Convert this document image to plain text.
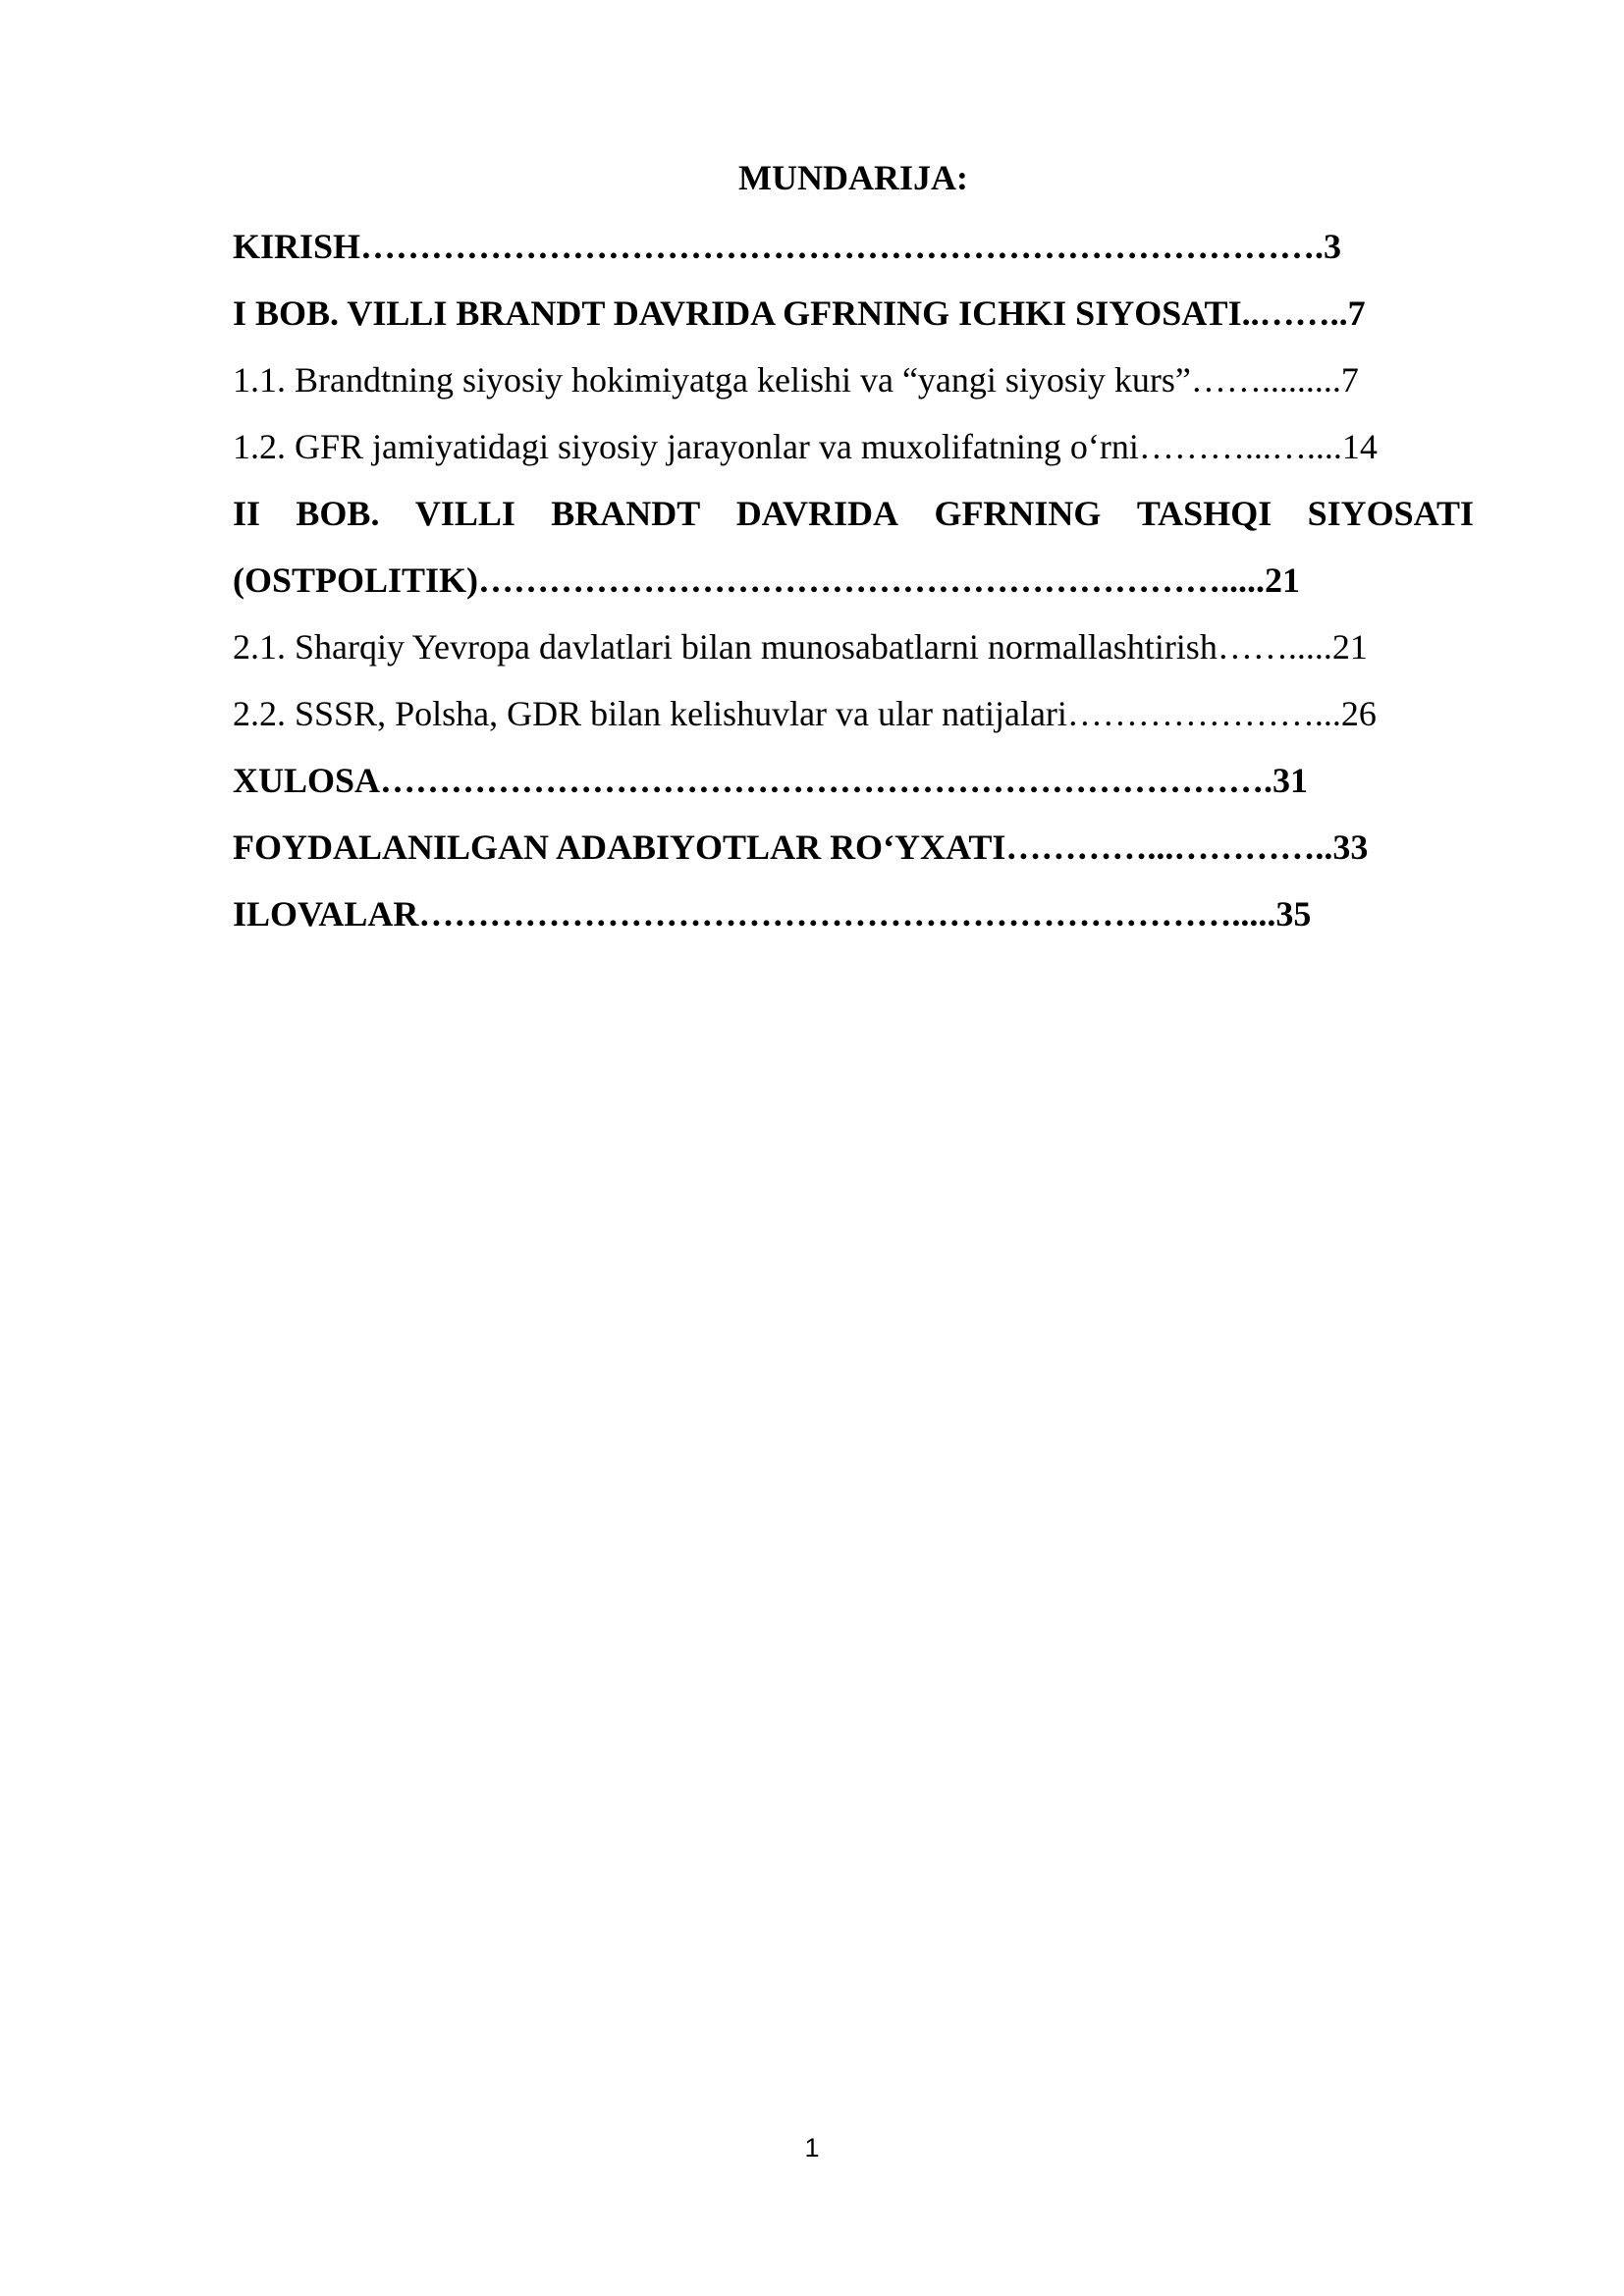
MUNDARIJA:
KIRISH……………………………………………………………………….3
I BOB. VILLI BRANDT DAVRIDA GFRNING ICHKI SIYOSATI..……..7
1.1. Brandtning siyosiy hokimiyatga kelishi va “yangi siyosiy kurs”…….........7
1.2. GFR jamiyatidagi siyosiy jarayonlar va muxolifatning o‘rni………...…....14
II BOB. VILLI BRANDT DAVRIDA GFRNING TASHQI SIYOSATI
(OSTPOLITIK)……………………………………………………….....21
2.1. Sharqiy Yevropa davlatlari bilan munosabatlarni normallashtirish…….....21
2.2. SSSR, Polsha, GDR bilan kelishuvlar va ular natijalari…………………...26
XULOSA………………………………………………………………….31
FOYDALANILGAN ADABIYOTLAR RO‘YXATI…………...…………..33
ILOVALAR…………………………………………………………….....35
1
